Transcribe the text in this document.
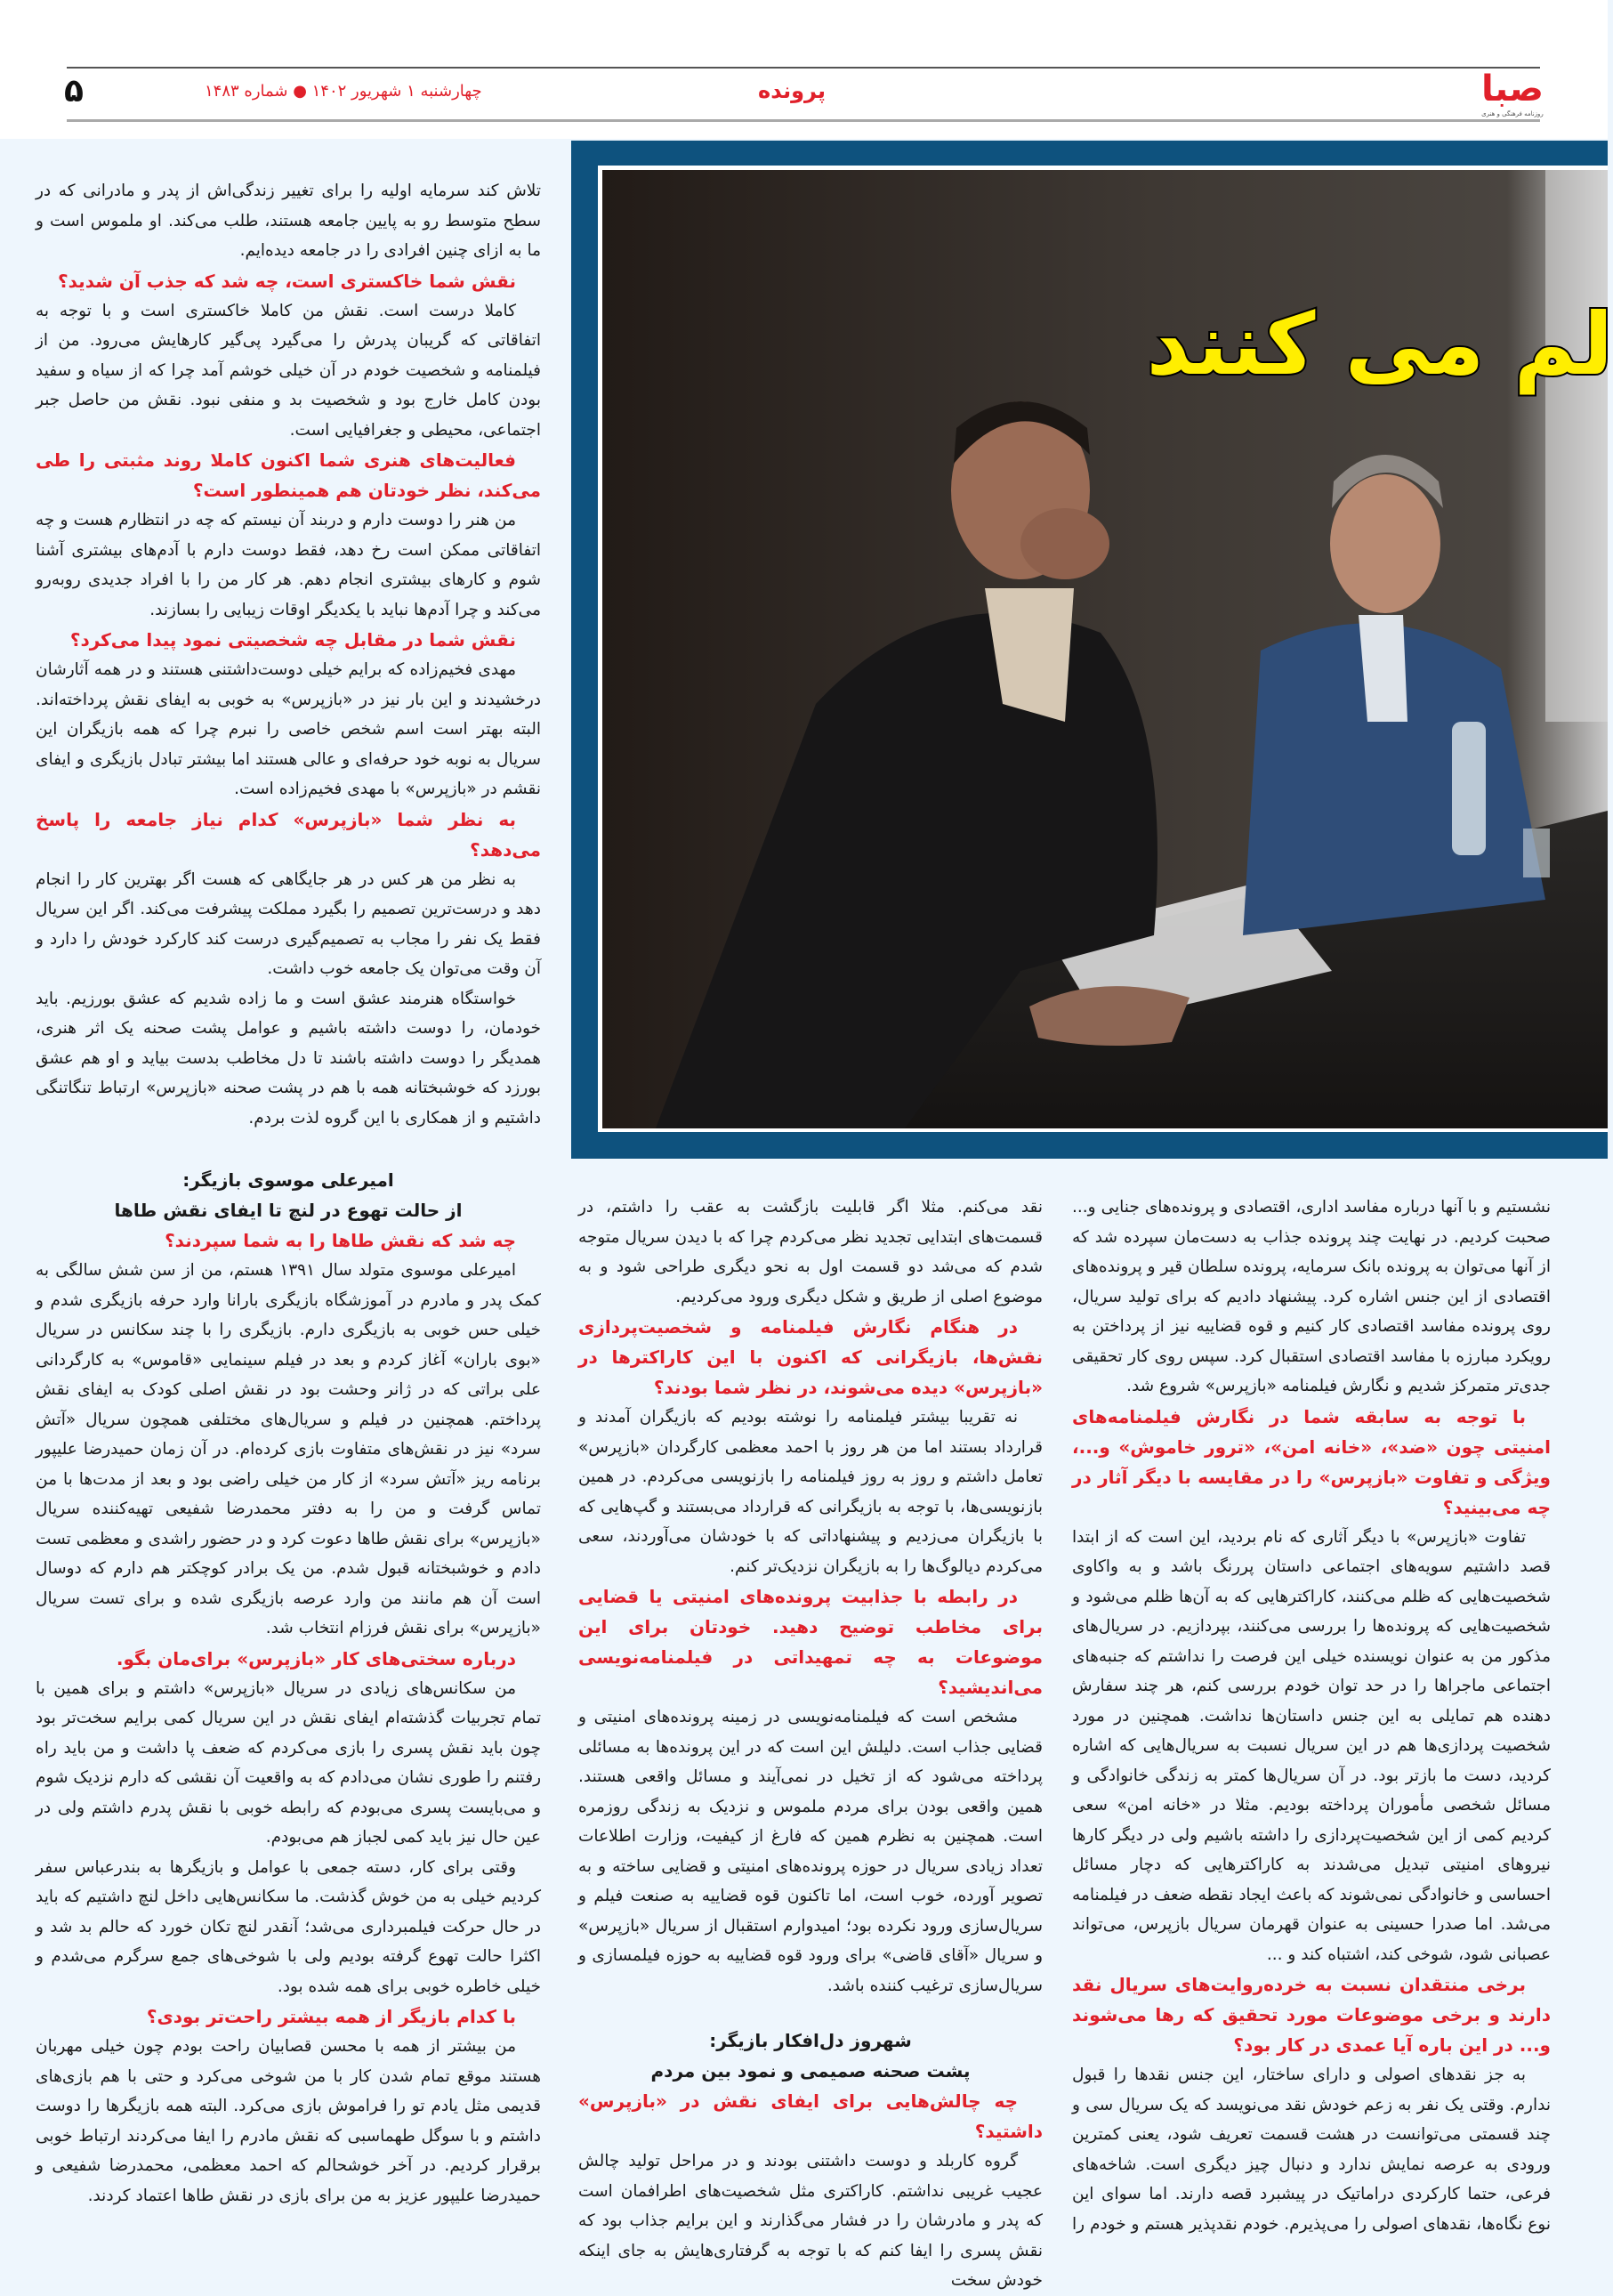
صبا
روزنامه فرهنگی و هنری
پرونده
چهارشنبه ۱ شهریور ۱۴۰۲ ● شماره ۱۴۸۳
۵
لم می کنند

تلاش کند سرمایه اولیه را برای تغییر زندگی‌اش از پدر و مادرانی که در سطح متوسط رو به پایین جامعه هستند، طلب می‌کند. او ملموس است و ما به ازای چنین افرادی را در جامعه دیده‌ایم.

نقش شما خاکستری است، چه شد که جذب آن شدید؟

کاملا درست است. نقش من کاملا خاکستری است و با توجه به اتفاقاتی که گریبان پدرش را می‌گیرد پی‌گیر کارهایش می‌رود. من از فیلمنامه و شخصیت خودم در آن خیلی خوشم آمد چرا که از سیاه و سفید بودن کامل خارج بود و شخصیت بد و منفی نبود. نقش من حاصل جبر اجتماعی، محیطی و جغرافیایی است.

فعالیت‌های هنری شما اکنون کاملا روند مثبتی را طی می‌کند، نظر خودتان هم همینطور است؟

من هنر را دوست دارم و دربند آن نیستم که چه در انتظارم هست و چه اتفاقاتی ممکن است رخ دهد، فقط دوست دارم با آدم‌های بیشتری آشنا شوم و کارهای بیشتری انجام دهم. هر کار من را با افراد جدیدی روبه‌رو می‌کند و چرا آدم‌ها نباید با یکدیگر اوقات زیبایی را بسازند.

نقش شما در مقابل چه شخصیتی نمود پیدا می‌کرد؟

مهدی فخیم‌زاده که برایم خیلی دوست‌داشتنی هستند و در همه آثارشان درخشیدند و این بار نیز در «بازپرس» به خوبی به ایفای نقش پرداخته‌اند. البته بهتر است اسم شخص خاصی را نبرم چرا که همه بازیگران این سریال به نوبه خود حرفه‌ای و عالی هستند اما بیشتر تبادل بازیگری و ایفای نقشم در «بازپرس» با مهدی فخیم‌زاده است.

به نظر شما «بازپرس» کدام نیاز جامعه را پاسخ می‌دهد؟

به نظر من هر کس در هر جایگاهی که هست اگر بهترین کار را انجام دهد و درست‌ترین تصمیم را بگیرد مملکت پیشرفت می‌کند. اگر این سریال فقط یک نفر را مجاب به تصمیم‌گیری درست کند کارکرد خودش را دارد و آن وقت می‌توان یک جامعه خوب داشت.

خواستگاه هنرمند عشق است و ما زاده شدیم که عشق بورزیم. باید خودمان، را دوست داشته باشیم و عوامل پشت صحنه یک اثر هنری، همدیگر را دوست داشته باشند تا دل مخاطب بدست بیاید و او هم عشق بورزد که خوشبختانه همه با هم در پشت صحنه «بازپرس» ارتباط تنگاتنگی داشتیم و از همکاری با این گروه لذت بردم.

امیرعلی موسوی بازیگر:
از حالت تهوع در لنچ تا ایفای نقش طاها
چه شد که نقش طاها را به شما سپردند؟

امیرعلی موسوی متولد سال ۱۳۹۱ هستم، من از سن شش سالگی به کمک پدر و مادرم در آموزشگاه بازیگری بارانا وارد حرفه بازیگری شدم و خیلی حس خوبی به بازیگری دارم. بازیگری را با چند سکانس در سریال «بوی باران» آغاز کردم و بعد در فیلم سینمایی «قاموس» به کارگردانی علی براتی که در ژانر وحشت بود در نقش اصلی کودک به ایفای نقش پرداختم. همچنین در فیلم و سریال‌های مختلفی همچون سریال «آتش سرد» نیز در نقش‌های متفاوت بازی کرده‌ام. در آن زمان حمیدرضا علیپور برنامه ریز «آتش سرد» از کار من خیلی راضی بود و بعد از مدت‌ها با من تماس گرفت و من را به دفتر محمدرضا شفیعی تهیه‌کننده سریال «بازپرس» برای نقش طاها دعوت کرد و در حضور راشدی و معظمی تست دادم و خوشبختانه قبول شدم. من یک برادر کوچکتر هم دارم که دوسال است آن هم مانند من وارد عرصه بازیگری شده و برای تست سریال «بازپرس» برای نقش فرزام انتخاب شد.

درباره سختی‌های کار «بازپرس» برای‌مان بگو.

من سکانس‌های زیادی در سریال «بازپرس» داشتم و برای همین با تمام تجربیات گذشته‌ام ایفای نقش در این سریال کمی برایم سخت‌تر بود چون باید نقش پسری را بازی می‌کردم که ضعف پا داشت و من باید راه رفتنم را طوری نشان می‌دادم که به واقعیت آن نقشی که دارم نزدیک شوم و می‌بایست پسری می‌بودم که رابطه خوبی با نقش پدرم داشتم ولی در عین حال نیز باید کمی لجباز هم می‌بودم.

وقتی برای کار، دسته جمعی با عوامل و بازیگرها به بندرعباس سفر کردیم خیلی به من خوش گذشت. ما سکانس‌هایی داخل لنچ داشتیم که باید در حال حرکت فیلمبرداری می‌شد؛ آنقدر لنچ تکان خورد که حالم بد شد و اکثرا حالت تهوع گرفته بودیم ولی با شوخی‌های جمع سرگرم می‌شدم و خیلی خاطره خوبی برای همه شده بود.

با کدام بازیگر از همه بیشتر راحت‌تر بودی؟

من بیشتر از همه با محسن قصابیان راحت بودم چون خیلی مهربان هستند موقع تمام شدن کار با من شوخی می‌کرد و حتی با هم بازی‌های قدیمی مثل یادم تو را فراموش بازی می‌کرد. البته همه بازیگرها را دوست داشتم و با سوگل طهماسبی که نقش مادرم را ایفا می‌کردند ارتباط خوبی برقرار کردیم. در آخر خوشحالم که احمد معظمی، محمدرضا شفیعی و حمیدرضا علیپور عزیز به من برای بازی در نقش طاها اعتماد کردند.

نقد می‌کنم. مثلا اگر قابلیت بازگشت به عقب را داشتم، در قسمت‌های ابتدایی تجدید نظر می‌کردم چرا که با دیدن سریال متوجه شدم که می‌شد دو قسمت اول به نحو دیگری طراحی شود و به موضوع اصلی از طریق و شکل دیگری ورود می‌کردیم.

در هنگام نگارش فیلمنامه و شخصیت‌پردازی نقش‌ها، بازیگرانی که اکنون با این کاراکترها در «بازپرس» دیده می‌شوند، در نظر شما بودند؟

نه تقریبا بیشتر فیلمنامه را نوشته بودیم که بازیگران آمدند و قرارداد بستند اما من هر روز با احمد معظمی کارگردان «بازپرس» تعامل داشتم و روز به روز فیلمنامه را بازنویسی می‌کردم. در همین بازنویسی‌ها، با توجه به بازیگرانی که قرارداد می‌بستند و گپ‌هایی که با بازیگران می‌زدیم و پیشنهاداتی که با خودشان می‌آوردند، سعی می‌کردم دیالوگ‌ها را به بازیگران نزدیک‌تر کنم.

در رابطه با جذابیت پرونده‌های امنیتی یا قضایی برای مخاطب توضیح دهید. خودتان برای این موضوعات به چه تمهیداتی در فیلمنامه‌نویسی می‌اندیشید؟

مشخص است که فیلمنامه‌نویسی در زمینه پرونده‌های امنیتی و قضایی جذاب است. دلیلش این است که در این پرونده‌ها به مسائلی پرداخته می‌شود که از تخیل در نمی‌آیند و مسائل واقعی هستند. همین واقعی بودن برای مردم ملموس و نزدیک به زندگی روزمره است. همچنین به نظرم همین که فارغ از کیفیت، وزارت اطلاعات تعداد زیادی سریال در حوزه پرونده‌های امنیتی و قضایی ساخته و به تصویر آورده، خوب است، اما تاکنون قوه قضاییه به صنعت فیلم و سریال‌سازی ورود نکرده بود؛ امیدوارم استقبال از سریال «بازپرس» و سریال «آقای قاضی» برای ورود قوه قضاییه به حوزه فیلمسازی و سریال‌سازی ترغیب کننده باشد.

شهروز دل‌افکار بازیگر:
پشت صحنه صمیمی و نمود بین مردم
چه چالش‌هایی برای ایفای نقش در «بازپرس» داشتید؟

گروه کاربلد و دوست داشتنی بودند و در مراحل تولید چالش عجیب غریبی نداشتم. کاراکتری مثل شخصیت‌های اطرافمان است که پدر و مادرشان را در فشار می‌گذارند و این برایم جذاب بود که نقش پسری را ایفا کنم که با توجه به گرفتاری‌هایش به جای اینکه خودش سخت

نشستیم و با آنها درباره مفاسد اداری، اقتصادی و پرونده‌های جنایی و... صحبت کردیم. در نهایت چند پرونده جذاب به دست‌مان سپرده شد که از آنها می‌توان به پرونده بانک سرمایه، پرونده سلطان قیر و پرونده‌های اقتصادی از این جنس اشاره کرد. پیشنهاد دادیم که برای تولید سریال، روی پرونده مفاسد اقتصادی کار کنیم و قوه قضاییه نیز از پرداختن به رویکرد مبارزه با مفاسد اقتصادی استقبال کرد. سپس روی کار تحقیقی جدی‌تر متمرکز شدیم و نگارش فیلمنامه «بازپرس» شروع شد.

با توجه به سابقه شما در نگارش فیلمنامه‌های امنیتی چون «ضد»، «خانه امن»، «ترور خاموش» و...، ویژگی و تفاوت «بازپرس» را در مقایسه با دیگر آثار در چه می‌بینید؟

تفاوت «بازپرس» با دیگر آثاری که نام بردید، این است که از ابتدا قصد داشتیم سویه‌های اجتماعی داستان پررنگ باشد و به واکاوی شخصیت‌هایی که ظلم می‌کنند، کاراکترهایی که به آن‌ها ظلم می‌شود و شخصیت‌هایی که پرونده‌ها را بررسی می‌کنند، بپردازیم. در سریال‌های مذکور من به عنوان نویسنده خیلی این فرصت را نداشتم که جنبه‌های اجتماعی ماجراها را در حد توان خودم بررسی کنم، هر چند سفارش دهنده هم تمایلی به این جنس داستان‌ها نداشت. همچنین در مورد شخصیت پردازی‌ها هم در این سریال نسبت به سریال‌هایی که اشاره کردید، دست ما بازتر بود. در آن سریال‌ها کمتر به زندگی خانوادگی و مسائل شخصی مأموران پرداخته بودیم. مثلا در «خانه امن» سعی کردیم کمی از این شخصیت‌پردازی را داشته باشیم ولی در دیگر کارها نیروهای امنیتی تبدیل می‌شدند به کاراکترهایی که دچار مسائل احساسی و خانوادگی نمی‌شوند که باعث ایجاد نقطه ضعف در فیلمنامه می‌شد. اما صدرا حسینی به عنوان قهرمان سریال بازپرس، می‌تواند عصبانی شود، شوخی کند، اشتباه کند و ...

برخی منتقدان نسبت به خرده‌روایت‌های سریال نقد دارند و برخی موضوعات مورد تحقیق که رها می‌شوند و... در این باره آیا عمدی در کار بود؟

به جز نقدهای اصولی و دارای ساختار، این جنس نقدها را قبول ندارم. وقتی یک نفر به زعم خودش نقد می‌نویسد که یک سریال سی و چند قسمتی می‌توانست در هشت قسمت تعریف شود، یعنی کمترین ورودی به عرصه نمایش ندارد و دنبال چیز دیگری است. شاخه‌های فرعی، حتما کارکردی دراماتیک در پیشبرد قصه دارند. اما سوای این نوع نگاه‌ها، نقدهای اصولی را می‌پذیرم. خودم نقدپذیر هستم و خودم را
